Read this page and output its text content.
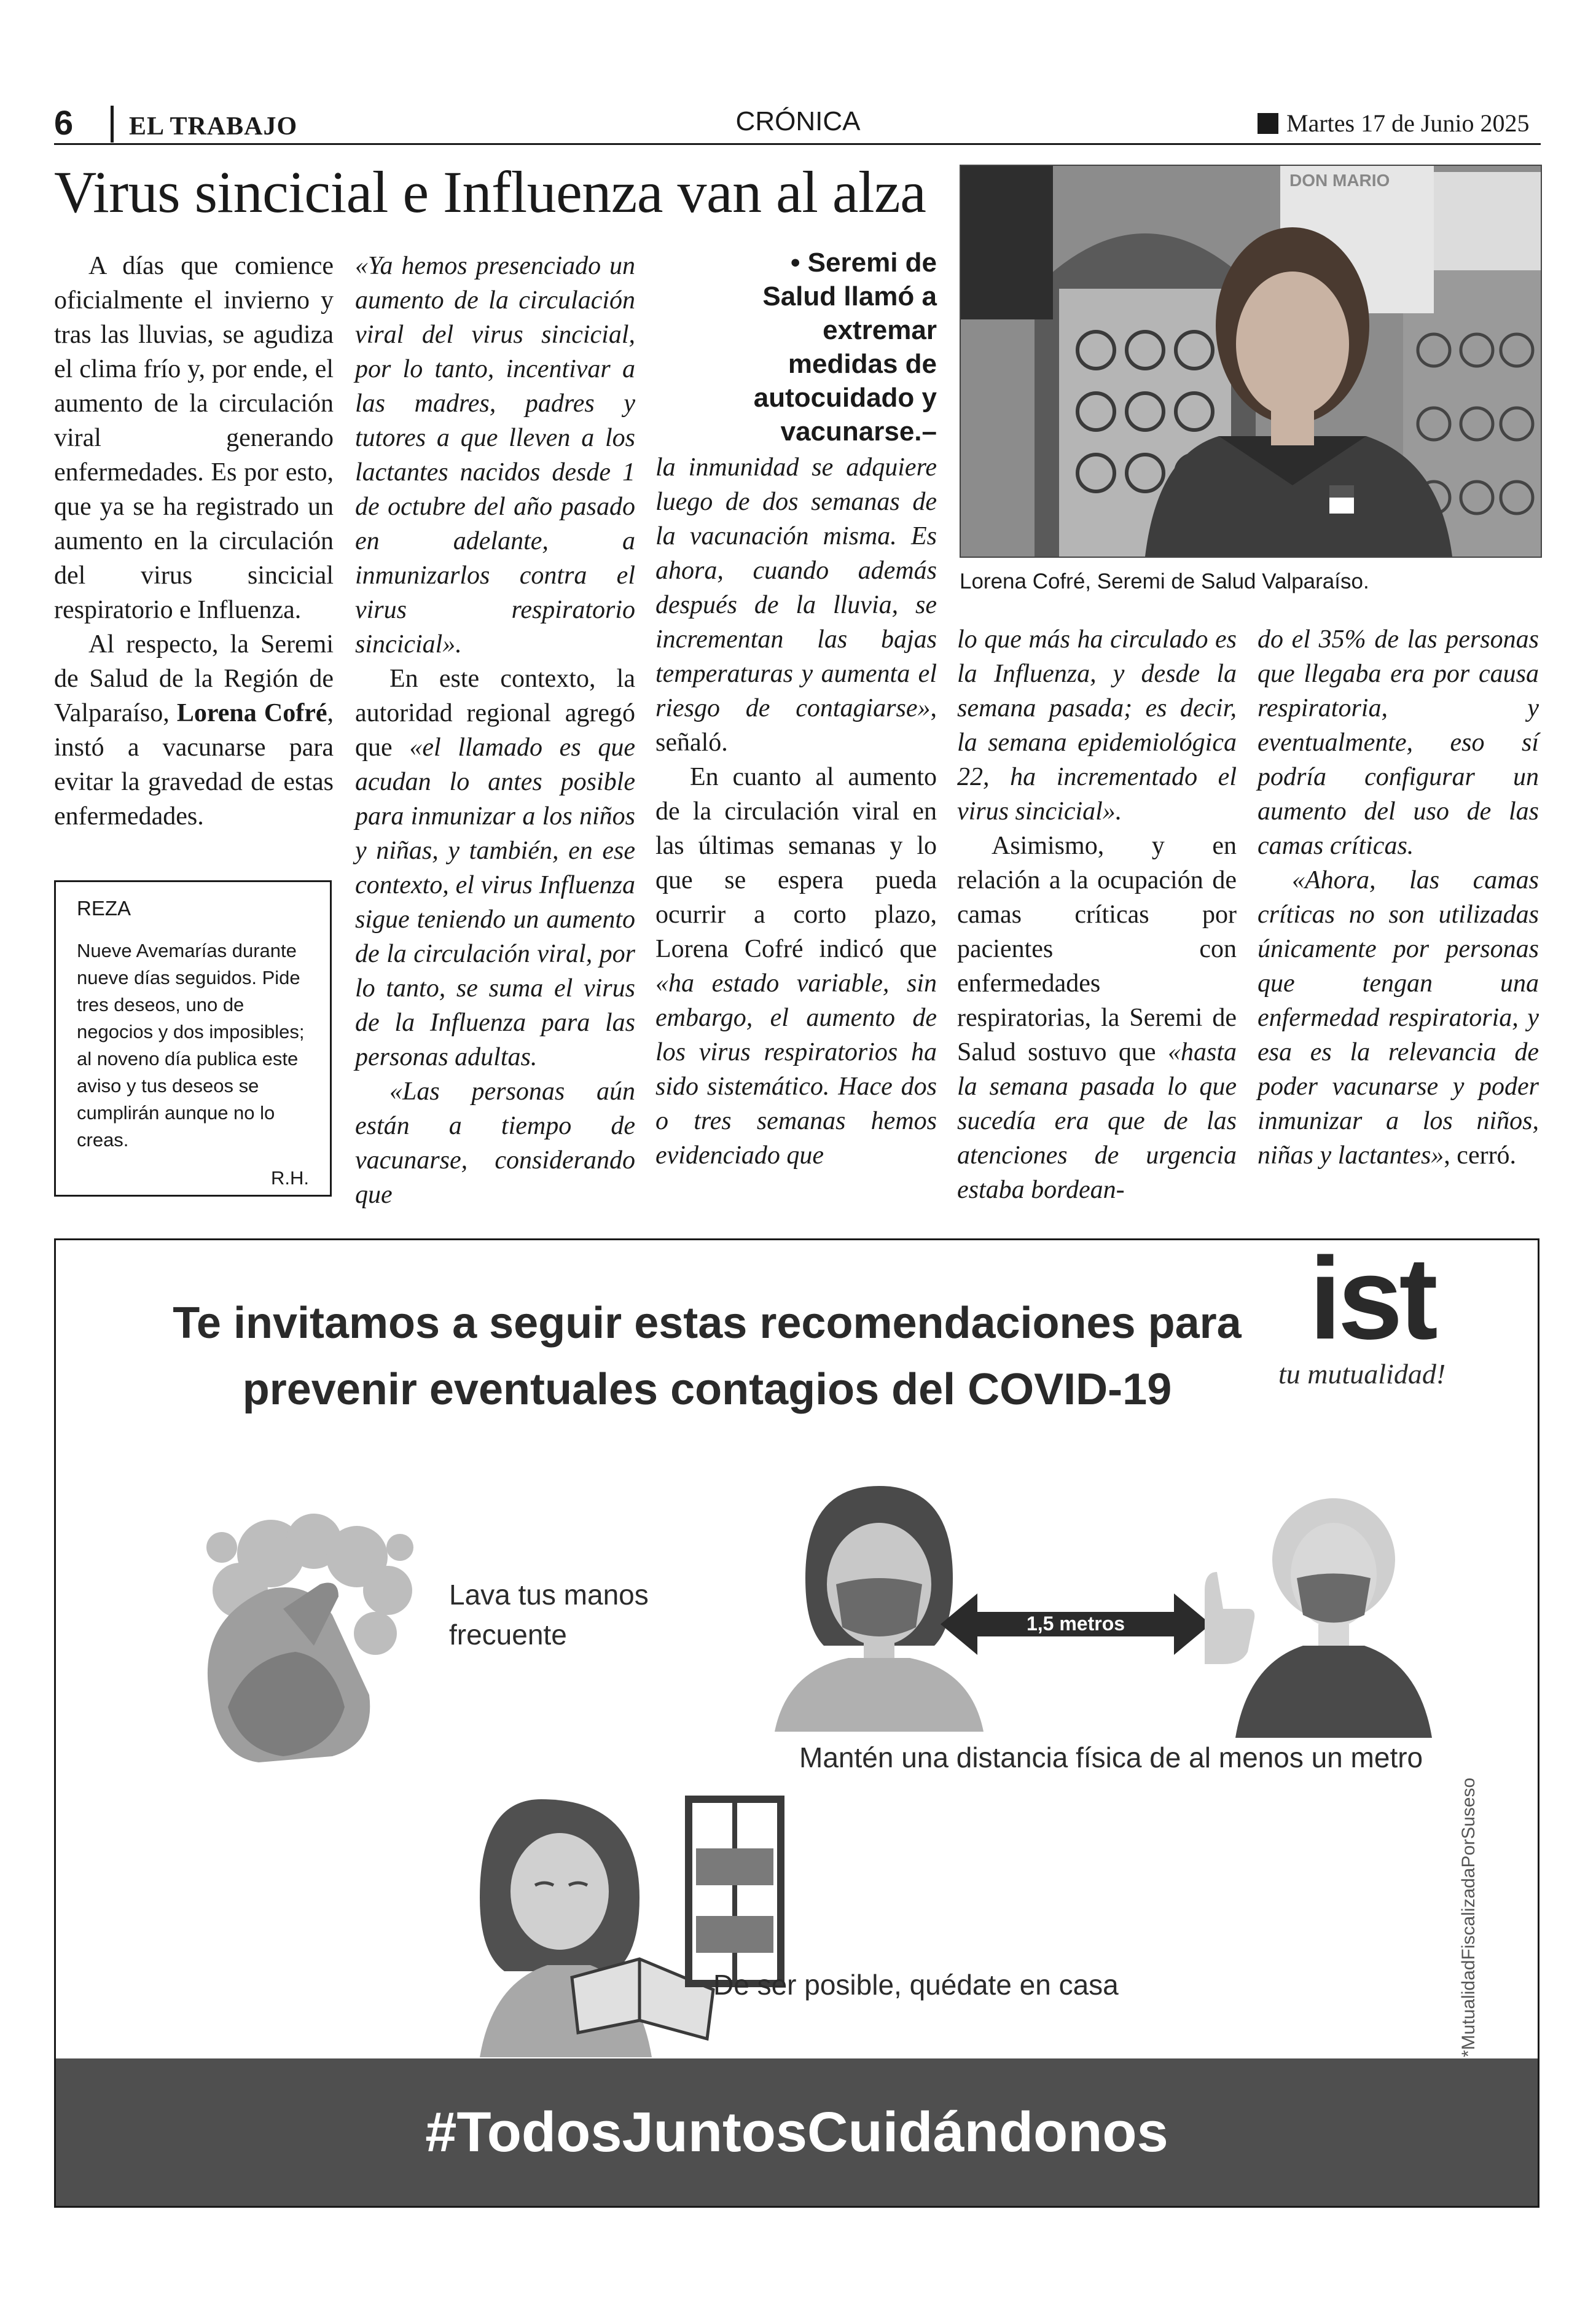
6 EL TRABAJO	CRÓNICA	Martes 17 de Junio 2025
Virus sincicial e Influenza van al alza

A días que comience oficialmente el invierno y tras las lluvias, se agudiza el clima frío y, por ende, el aumento de la circulación viral generando enfermedades. Es por esto, que ya se ha registrado un aumento en la circulación del virus sincicial respiratorio e Influenza.

Al respecto, la Seremi de Salud de la Región de Valparaíso, Lorena Cofré, instó a vacunarse para evitar la gravedad de estas enfermedades.

REZA
Nueve Avemarías durante nueve días seguidos. Pide tres deseos, uno de negocios y dos imposibles; al noveno día publica este aviso y tus deseos se cumplirán aunque no lo creas.
R.H.

«Ya hemos presenciado un aumento de la circulación viral del virus sincicial, por lo tanto, incentivar a las madres, padres y tutores a que lleven a los lactantes nacidos desde 1 de octubre del año pasado en adelante, a inmunizarlos contra el virus respiratorio sincicial».

En este contexto, la autoridad regional agregó que «el llamado es que acudan lo antes posible para inmunizar a los niños y niñas, y también, en ese contexto, el virus Influenza sigue teniendo un aumento de la circulación viral, por lo tanto, se suma el virus de la Influenza para las personas adultas.

«Las personas aún están a tiempo de vacunarse, considerando que

• Seremi de Salud llamó a extremar medidas de autocuidado y vacunarse.–

la inmunidad se adquiere luego de dos semanas de la vacunación misma. Es ahora, cuando además después de la lluvia, se incrementan las bajas temperaturas y aumenta el riesgo de contagiarse», señaló.

En cuanto al aumento de la circulación viral en las últimas semanas y lo que se espera pueda ocurrir a corto plazo, Lorena Cofré indicó que «ha estado variable, sin embargo, el aumento de los virus respiratorios ha sido sistemático. Hace dos o tres semanas hemos evidenciado que

DON MARIO
Lorena Cofré, Seremi de Salud Valparaíso.

lo que más ha circulado es la Influenza, y desde la semana pasada; es decir, la semana epidemiológica 22, ha incrementado el virus sincicial».

Asimismo, y en relación a la ocupación de camas críticas por pacientes con enfermedades respiratorias, la Seremi de Salud sostuvo que «hasta la semana pasada lo que sucedía era que de las atenciones de urgencia estaba bordean-

do el 35% de las personas que llegaba era por causa respiratoria, y eventualmente, eso sí podría configurar un aumento del uso de las camas críticas.

«Ahora, las camas críticas no son utilizadas únicamente por personas que tengan una enfermedad respiratoria, y esa es la relevancia de poder vacunarse y poder inmunizar a los niños, niñas y lactantes», cerró.

Te invitamos a seguir estas recomendaciones para
prevenir eventuales contagios del COVID-19
ist
tu mutualidad!
Lava tus manos
frecuente	1,5 metros
Mantén una distancia física de al menos un metro
De ser posible, quédate en casa	*MutualidadFiscalizadaPorSuseso
#TodosJuntosCuidándonos
